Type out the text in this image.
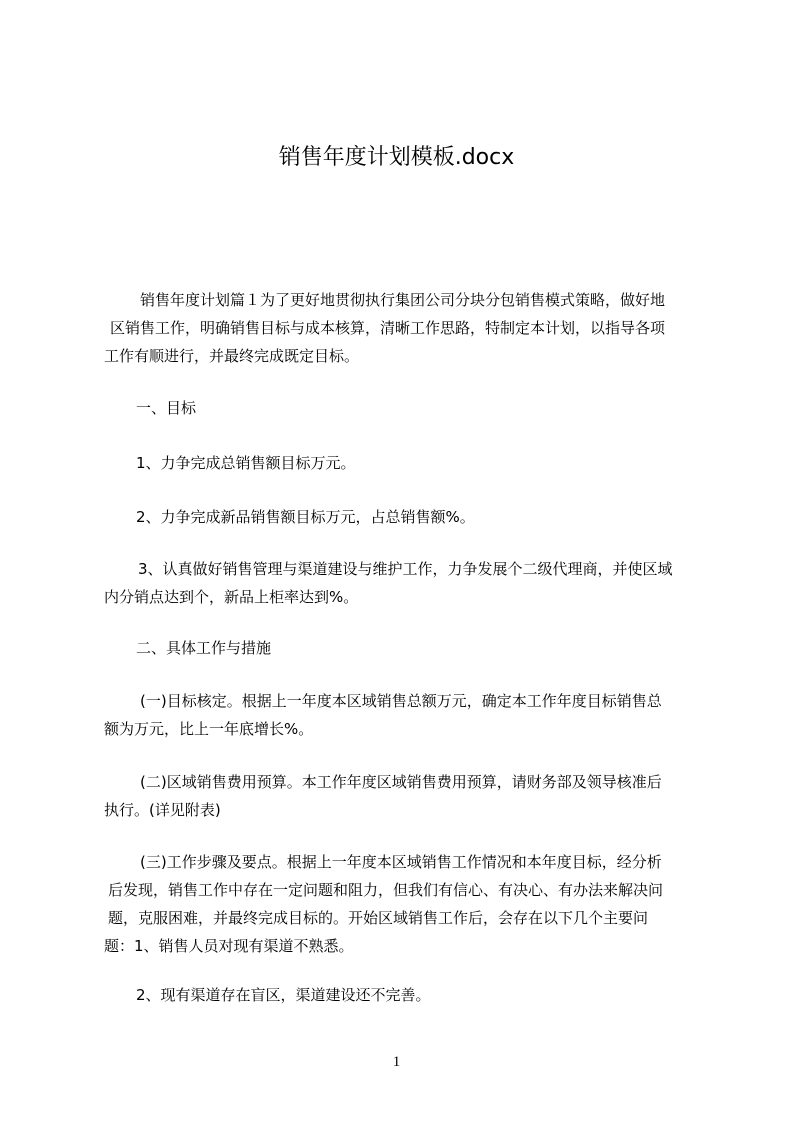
销售年度计划模板.docx
销售年度计划篇１为了更好地贯彻执行集团公司分块分包销售模式策略，做好地
区销售工作，明确销售目标与成本核算，清晰工作思路，特制定本计划，以指导各项
工作有顺进行，并最终完成既定目标。
一、目标
1、力争完成总销售额目标万元。
2、力争完成新品销售额目标万元，占总销售额%。
3、认真做好销售管理与渠道建设与维护工作，力争发展个二级代理商，并使区域
内分销点达到个，新品上柜率达到%。
二、具体工作与措施
(一)目标核定。根据上一年度本区域销售总额万元，确定本工作年度目标销售总
额为万元，比上一年底增长%。
(二)区域销售费用预算。本工作年度区域销售费用预算，请财务部及领导核准后
执行。(详见附表)
(三)工作步骤及要点。根据上一年度本区域销售工作情况和本年度目标，经分析
后发现，销售工作中存在一定问题和阻力，但我们有信心、有决心、有办法来解决问
题，克服困难，并最终完成目标的。开始区域销售工作后，会存在以下几个主要问
题：1、销售人员对现有渠道不熟悉。
2、现有渠道存在盲区，渠道建设还不完善。
1
